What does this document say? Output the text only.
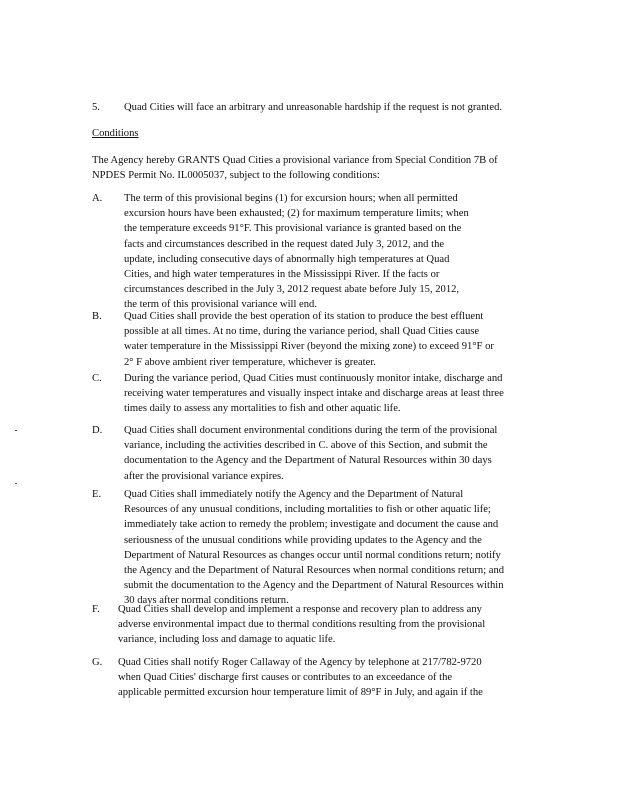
5. Quad Cities will face an arbitrary and unreasonable hardship if the request is not granted.
Conditions
The Agency hereby GRANTS Quad Cities a provisional variance from Special Condition 7B of
NPDES Permit No. IL0005037, subject to the following conditions:
A. The term of this provisional begins (1) for excursion hours; when all permitted
excursion hours have been exhausted; (2) for maximum temperature limits; when
the temperature exceeds 91°F. This provisional variance is granted based on the
facts and circumstances described in the request dated July 3, 2012, and the
update, including consecutive days of abnormally high temperatures at Quad
Cities, and high water temperatures in the Mississippi River. If the facts or
circumstances described in the July 3, 2012 request abate before July 15, 2012,
the term of this provisional variance will end.
B. Quad Cities shall provide the best operation of its station to produce the best effluent
possible at all times. At no time, during the variance period, shall Quad Cities cause
water temperature in the Mississippi River (beyond the mixing zone) to exceed 91°F or
2° F above ambient river temperature, whichever is greater.
C. During the variance period, Quad Cities must continuously monitor intake, discharge and
receiving water temperatures and visually inspect intake and discharge areas at least three
times daily to assess any mortalities to fish and other aquatic life.
D. Quad Cities shall document environmental conditions during the term of the provisional
variance, including the activities described in C. above of this Section, and submit the
documentation to the Agency and the Department of Natural Resources within 30 days
after the provisional variance expires.
E. Quad Cities shall immediately notify the Agency and the Department of Natural
Resources of any unusual conditions, including mortalities to fish or other aquatic life;
immediately take action to remedy the problem; investigate and document the cause and
seriousness of the unusual conditions while providing updates to the Agency and the
Department of Natural Resources as changes occur until normal conditions return; notify
the Agency and the Department of Natural Resources when normal conditions return; and
submit the documentation to the Agency and the Department of Natural Resources within
30 days after normal conditions return.
F. Quad Cities shall develop and implement a response and recovery plan to address any
adverse environmental impact due to thermal conditions resulting from the provisional
variance, including loss and damage to aquatic life.
G. Quad Cities shall notify Roger Callaway of the Agency by telephone at 217/782-9720
when Quad Cities' discharge first causes or contributes to an exceedance of the
applicable permitted excursion hour temperature limit of 89°F in July, and again if the
